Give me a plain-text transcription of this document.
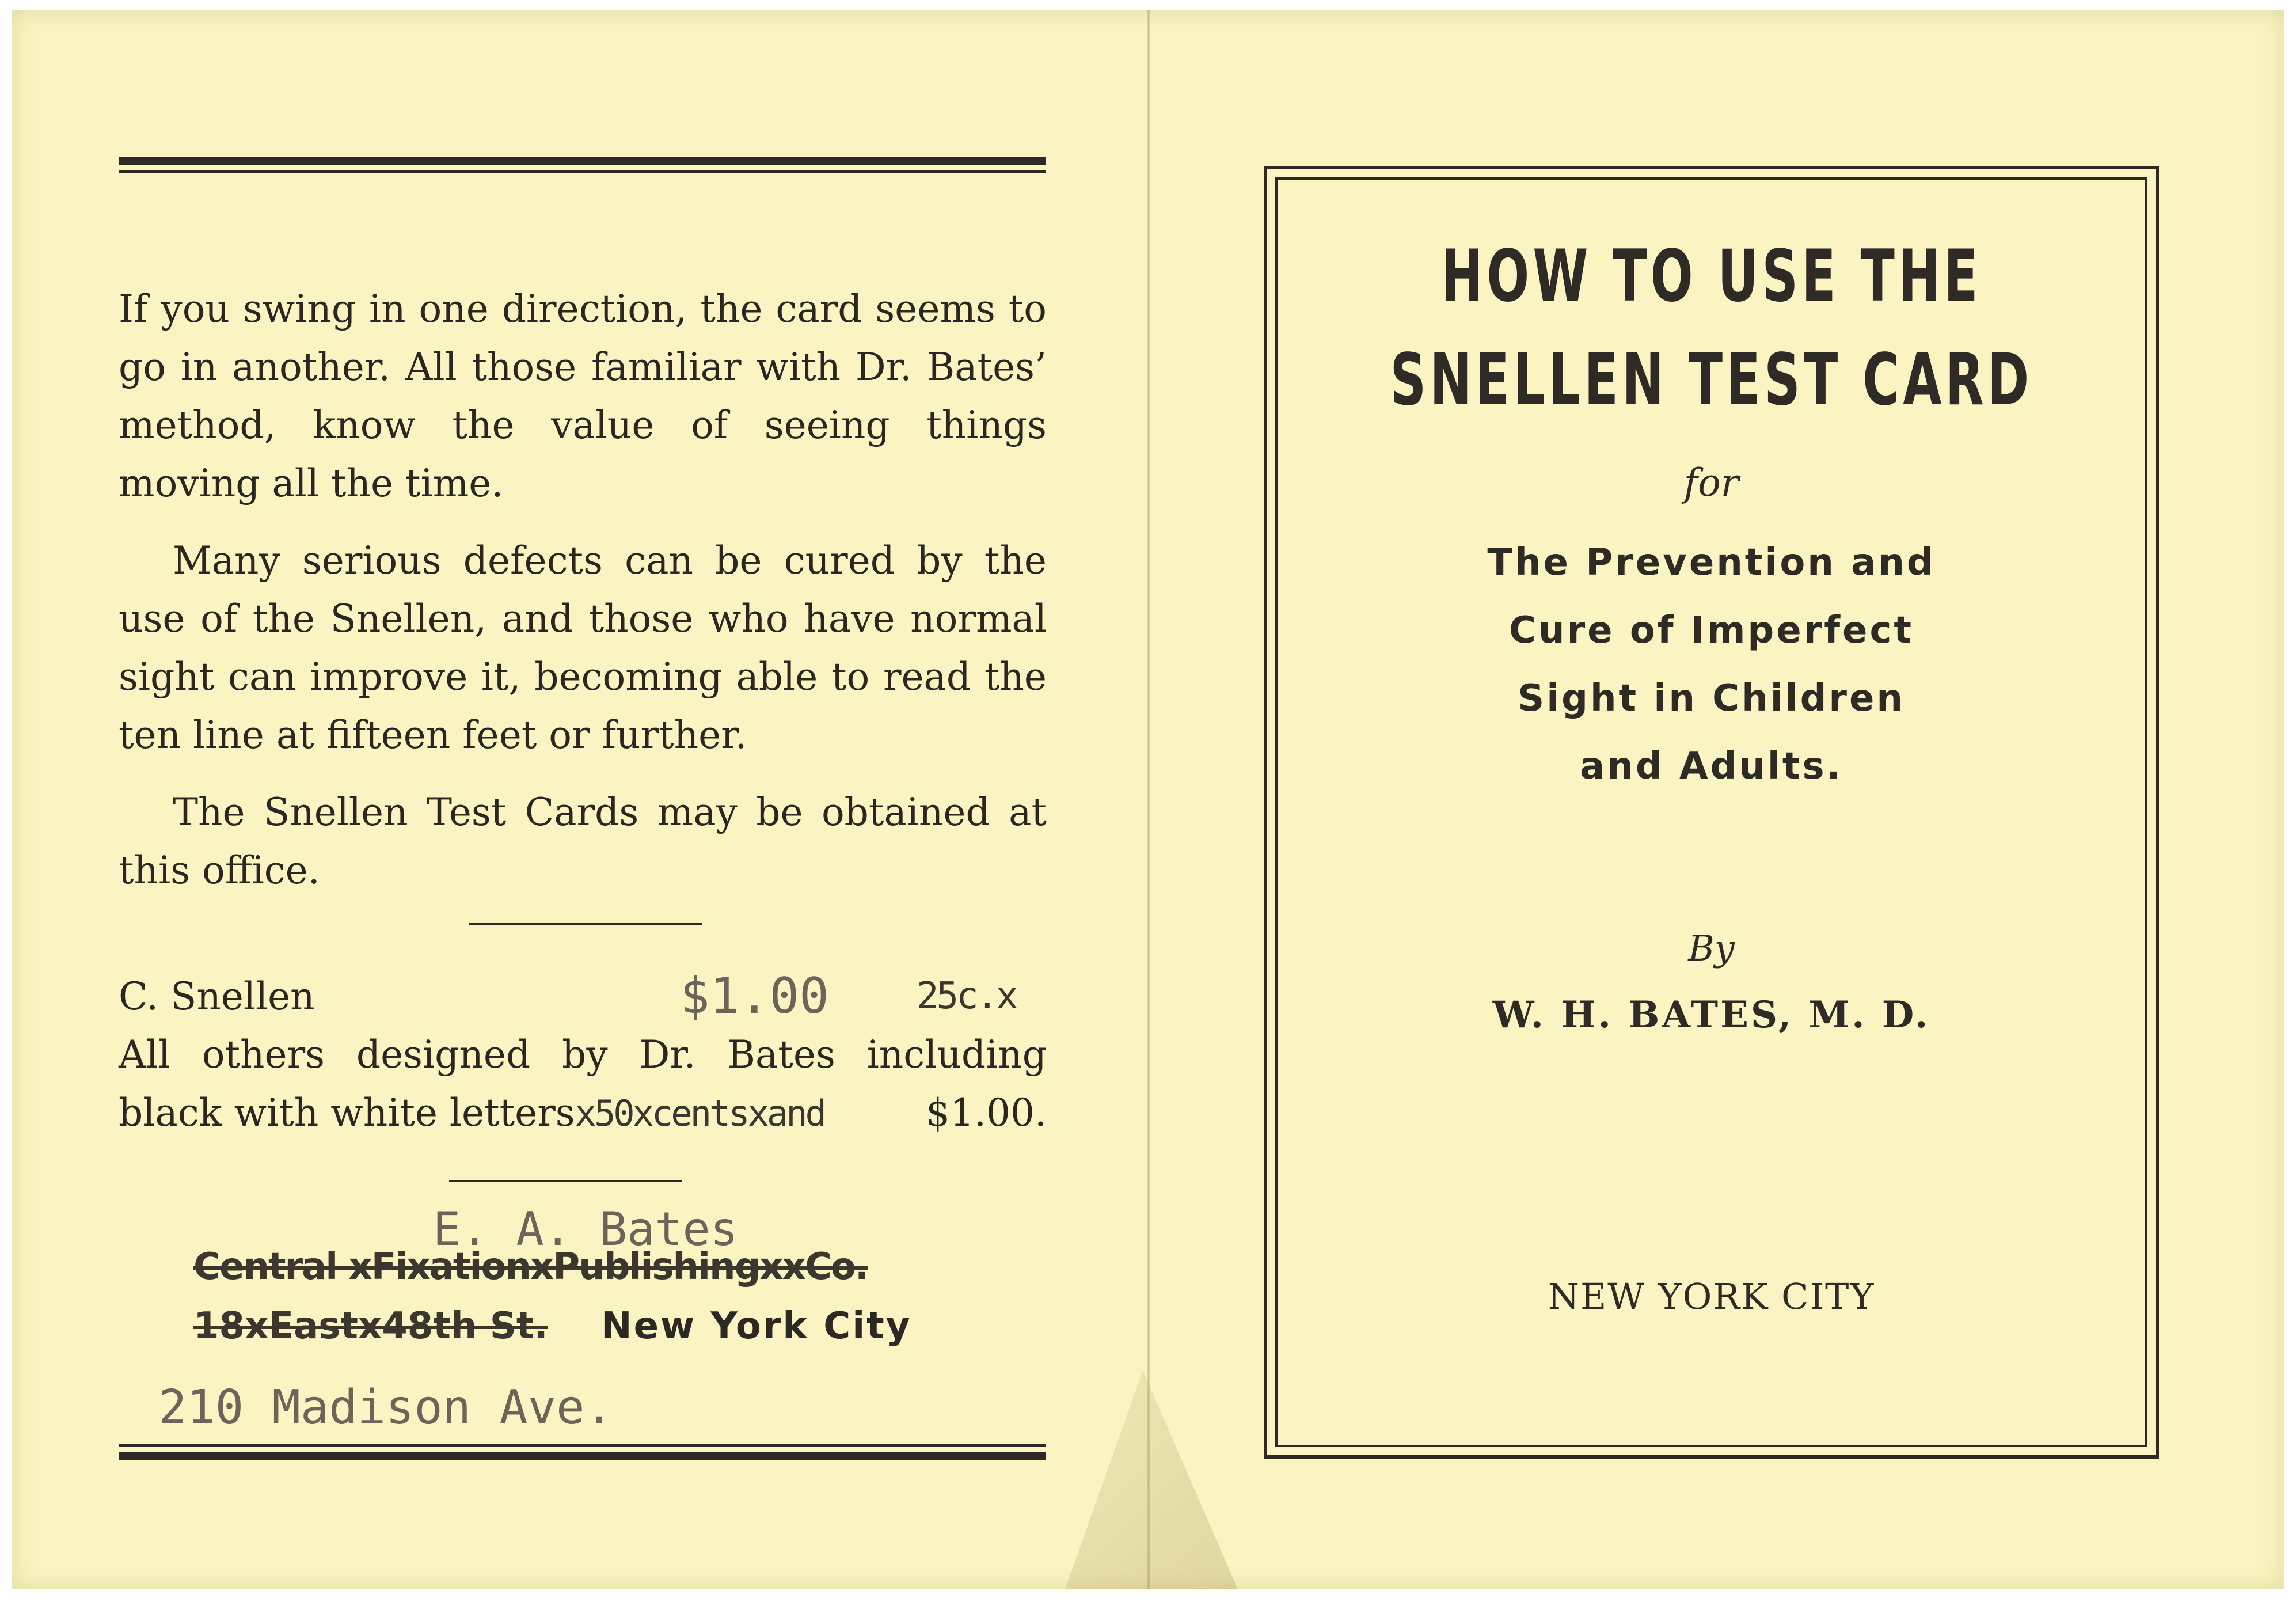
If you swing in one direction, the card seems to go in another. All those familiar with Dr. Bates’ method, know the value of seeing things moving all the time.

Many serious defects can be cured by the use of the Snellen, and those who have normal sight can improve it, becoming able to read the ten line at fifteen feet or further.

The Snellen Test Cards may be obtained at this office.

C. Snellen	$1.00 25c.x
All others designed by Dr. Bates including
black with white lettersx50xcentsxand	$1.00.
E. A. Bates
Central xFixationxPublishingxxCo.
18xEastx48th St. New York City
210 Madison Ave.
HOW TO USE THE
SNELLEN TEST CARD
for
The Prevention and
Cure of Imperfect
Sight in Children
and Adults.
By
W. H. BATES, M. D.
NEW YORK CITY
